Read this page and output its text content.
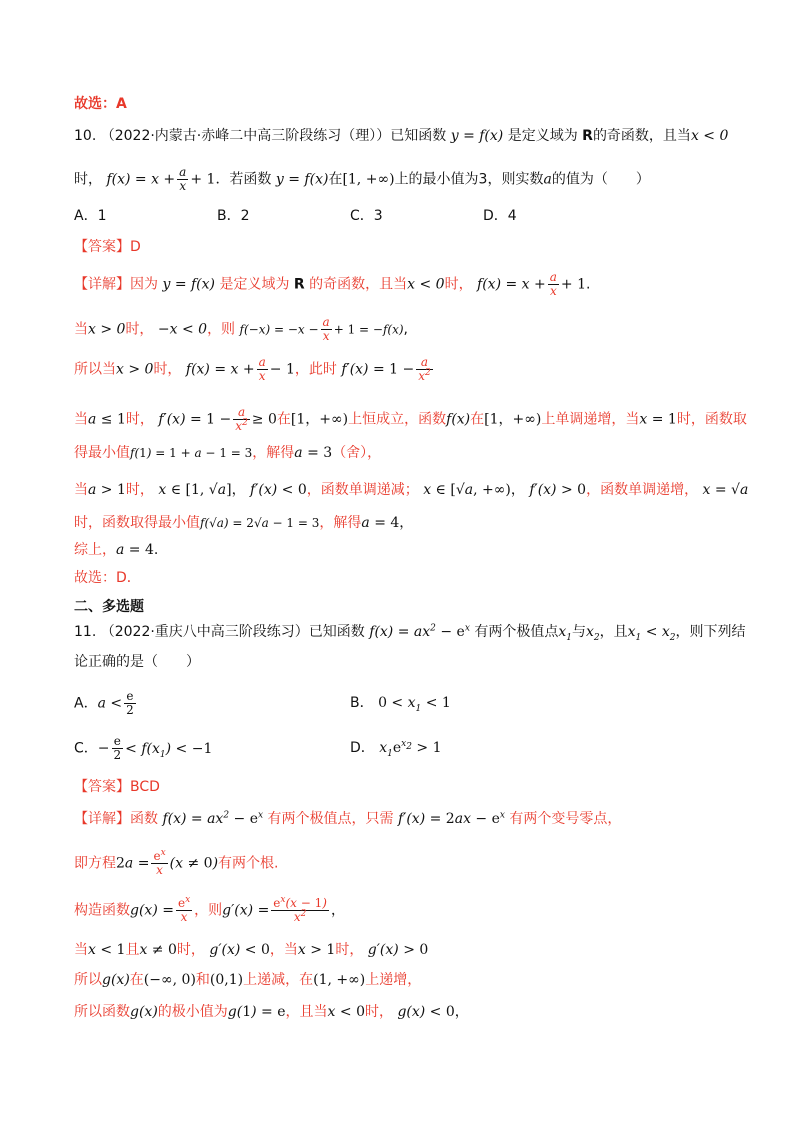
故选：A
10. （2022·内蒙古·赤峰二中高三阶段练习（理））已知函数 y = f(x) 是定义域为 R的奇函数，且当x < 0
时， $f(x) = x + \frac{a}{x} + 1$．若函数 y = f(x)在[1, +∞)上的最小值为3，则实数a的值为（　　）
A．1	B．2	C．3	D．4
【答案】D
【详解】因为 y = f(x) 是定义域为 R 的奇函数，且当x < 0时， $f(x) = x + \frac{a}{x} + 1$.
当x > 0时， −x < 0，则 $f(-x) = -x - \frac{a}{x} + 1 = -f(x)$,
所以当x > 0时， $f(x) = x + \frac{a}{x} - 1$，此时 $f'(x) = 1 - \frac{a}{x^2}$
当a ≤ 1时， $f'(x) = 1 - \frac{a}{x^2} \ge 0$在[1，+∞)上恒成立，函数f(x)在[1，+∞)上单调递增，当x = 1时，函数取
得最小值f(1) = 1 + a − 1 = 3，解得a = 3（舍），
当a > 1时， x ∈ [1, √a]， f′(x) < 0，函数单调递减； x ∈ [√a, +∞)， f′(x) > 0，函数单调递增， x = √a
时，函数取得最小值f(√a) = 2√a − 1 = 3，解得a = 4，
综上，a = 4.
故选：D．
二、多选题
11. （2022·重庆八中高三阶段练习）已知函数 $f(x) = ax^2 - e^x$ 有两个极值点$x_1$与$x_2$，且$x_1 < x_2$，则下列结
论正确的是（　　）
A．$a < \frac{e}{2}$	B． $0 < x_1 < 1$
C．− $\frac{e}{2} < f(x_1) < -1$	D． $x_1e^{x_2} > 1$
【答案】BCD
【详解】函数 $f(x) = ax^2 - e^x$ 有两个极值点，只需 $f'(x) = 2ax - e^x$ 有两个变号零点，
即方程$2a = \frac{e^x}{x} (x \ne 0)$有两个根.
构造函数$g(x) = \frac{e^x}{x}$ ，则$g'(x) = \frac{e^x(x - 1)}{x^2}$ ，
当x < 1且x ≠ 0时， g′(x) < 0，当x > 1时， g′(x) > 0
所以g(x)在(−∞, 0)和(0,1)上递减，在(1, +∞)上递增，
所以函数g(x)的极小值为g(1) = e，且当x < 0时， g(x) < 0，
